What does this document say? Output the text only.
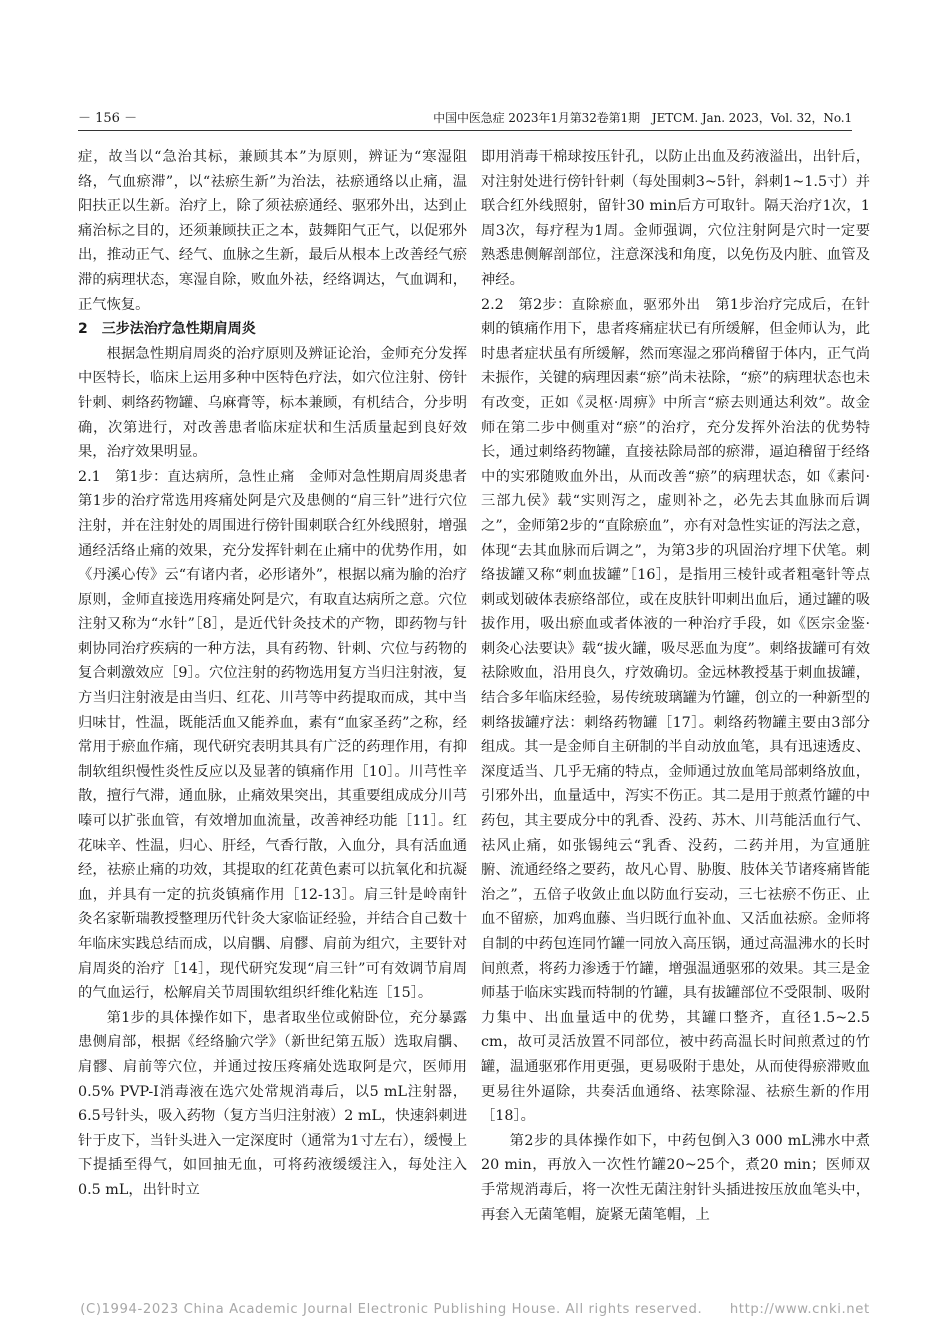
－ 156 －	中国中医急症 2023年1月第32卷第1期　JETCM. Jan. 2023，Vol. 32，No.1

症，故当以“急治其标，兼顾其本”为原则，辨证为“寒湿阻络，气血瘀滞”，以“祛瘀生新”为治法，祛瘀通络以止痛，温阳扶正以生新。治疗上，除了须祛瘀通经、驱邪外出，达到止痛治标之目的，还须兼顾扶正之本，鼓舞阳气正气，以促邪外出，推动正气、经气、血脉之生新，最后从根本上改善经气瘀滞的病理状态，寒湿自除，败血外祛，经络调达，气血调和，正气恢复。

2　三步法治疗急性期肩周炎

根据急性期肩周炎的治疗原则及辨证论治，金师充分发挥中医特长，临床上运用多种中医特色疗法，如穴位注射、傍针针刺、刺络药物罐、乌麻膏等，标本兼顾，有机结合，分步明确，次第进行，对改善患者临床症状和生活质量起到良好效果，治疗效果明显。

2.1　第1步：直达病所，急性止痛　金师对急性期肩周炎患者第1步的治疗常选用疼痛处阿是穴及患侧的“肩三针”进行穴位注射，并在注射处的周围进行傍针围刺联合红外线照射，增强通经活络止痛的效果，充分发挥针刺在止痛中的优势作用，如《丹溪心传》云“有诸内者，必形诸外”，根据以痛为腧的治疗原则，金师直接选用疼痛处阿是穴，有取直达病所之意。穴位注射又称为“水针”［8］，是近代针灸技术的产物，即药物与针刺协同治疗疾病的一种方法，具有药物、针刺、穴位与药物的复合刺激效应［9］。穴位注射的药物选用复方当归注射液，复方当归注射液是由当归、红花、川芎等中药提取而成，其中当归味甘，性温，既能活血又能养血，素有“血家圣药”之称，经常用于瘀血作痛，现代研究表明其具有广泛的药理作用，有抑制软组织慢性炎性反应以及显著的镇痛作用［10］。川芎性辛散，擅行气滞，通血脉，止痛效果突出，其重要组成成分川芎嗪可以扩张血管，有效增加血流量，改善神经功能［11］。红花味辛、性温，归心、肝经，气香行散，入血分，具有活血通经，祛瘀止痛的功效，其提取的红花黄色素可以抗氧化和抗凝血，并具有一定的抗炎镇痛作用［12-13］。肩三针是岭南针灸名家靳瑞教授整理历代针灸大家临证经验，并结合自己数十年临床实践总结而成，以肩髃、肩髎、肩前为组穴，主要针对肩周炎的治疗［14］，现代研究发现“肩三针”可有效调节肩周的气血运行，松解肩关节周围软组织纤维化粘连［15］。

第1步的具体操作如下，患者取坐位或俯卧位，充分暴露患侧肩部，根据《经络腧穴学》（新世纪第五版）选取肩髃、肩髎、肩前等穴位，并通过按压疼痛处选取阿是穴，医师用0.5% PVP-I消毒液在选穴处常规消毒后，以5 mL注射器，6.5号针头，吸入药物（复方当归注射液）2 mL，快速斜刺进针于皮下，当针头进入一定深度时（通常为1寸左右），缓慢上下提插至得气，如回抽无血，可将药液缓缓注入，每处注入0.5 mL，出针时立

即用消毒干棉球按压针孔，以防止出血及药液溢出，出针后，对注射处进行傍针针刺（每处围刺3~5针，斜刺1~1.5寸）并联合红外线照射，留针30 min后方可取针。隔天治疗1次，1周3次，每疗程为1周。金师强调，穴位注射阿是穴时一定要熟悉患侧解剖部位，注意深浅和角度，以免伤及内脏、血管及神经。

2.2　第2步：直除瘀血，驱邪外出　第1步治疗完成后，在针刺的镇痛作用下，患者疼痛症状已有所缓解，但金师认为，此时患者症状虽有所缓解，然而寒湿之邪尚稽留于体内，正气尚未振作，关键的病理因素“瘀”尚未祛除，“瘀”的病理状态也未有改变，正如《灵枢·周痹》中所言“瘀去则通达利效”。故金师在第二步中侧重对“瘀”的治疗，充分发挥外治法的优势特长，通过刺络药物罐，直接祛除局部的瘀滞，逼迫稽留于经络中的实邪随败血外出，从而改善“瘀”的病理状态，如《素问·三部九侯》载“实则泻之，虚则补之，必先去其血脉而后调之”，金师第2步的“直除瘀血”，亦有对急性实证的泻法之意，体现“去其血脉而后调之”，为第3步的巩固治疗埋下伏笔。刺络拔罐又称“刺血拔罐”［16］，是指用三棱针或者粗毫针等点刺或划破体表瘀络部位，或在皮肤针叩刺出血后，通过罐的吸拔作用，吸出瘀血或者体液的一种治疗手段，如《医宗金鉴·刺灸心法要诀》载“拔火罐，吸尽恶血为度”。刺络拔罐可有效祛除败血，沿用良久，疗效确切。金远林教授基于刺血拔罐，结合多年临床经验，易传统玻璃罐为竹罐，创立的一种新型的刺络拔罐疗法：刺络药物罐［17］。刺络药物罐主要由3部分组成。其一是金师自主研制的半自动放血笔，具有迅速透皮、深度适当、几乎无痛的特点，金师通过放血笔局部刺络放血，引邪外出，血量适中，泻实不伤正。其二是用于煎煮竹罐的中药包，其主要成分中的乳香、没药、苏木、川芎能活血行气、祛风止痛，如张锡纯云“乳香、没药，二药并用，为宣通脏腑、流通经络之要药，故凡心胃、胁腹、肢体关节诸疼痛皆能治之”，五倍子收敛止血以防血行妄动，三七祛瘀不伤正、止血不留瘀，加鸡血藤、当归既行血补血、又活血祛瘀。金师将自制的中药包连同竹罐一同放入高压锅，通过高温沸水的长时间煎煮，将药力渗透于竹罐，增强温通驱邪的效果。其三是金师基于临床实践而特制的竹罐，具有拔罐部位不受限制、吸附力集中、出血量适中的优势，其罐口整齐，直径1.5~2.5 cm，故可灵活放置不同部位，被中药高温长时间煎煮过的竹罐，温通驱邪作用更强，更易吸附于患处，从而使得瘀滞败血更易往外逼除，共奏活血通络、祛寒除湿、祛瘀生新的作用［18］。

第2步的具体操作如下，中药包倒入3 000 mL沸水中煮20 min，再放入一次性竹罐20~25个，煮20 min；医师双手常规消毒后，将一次性无菌注射针头插进按压放血笔头中，再套入无菌笔帽，旋紧无菌笔帽，上

(C)1994-2023 China Academic Journal Electronic Publishing House. All rights reserved.　　http://www.cnki.net
